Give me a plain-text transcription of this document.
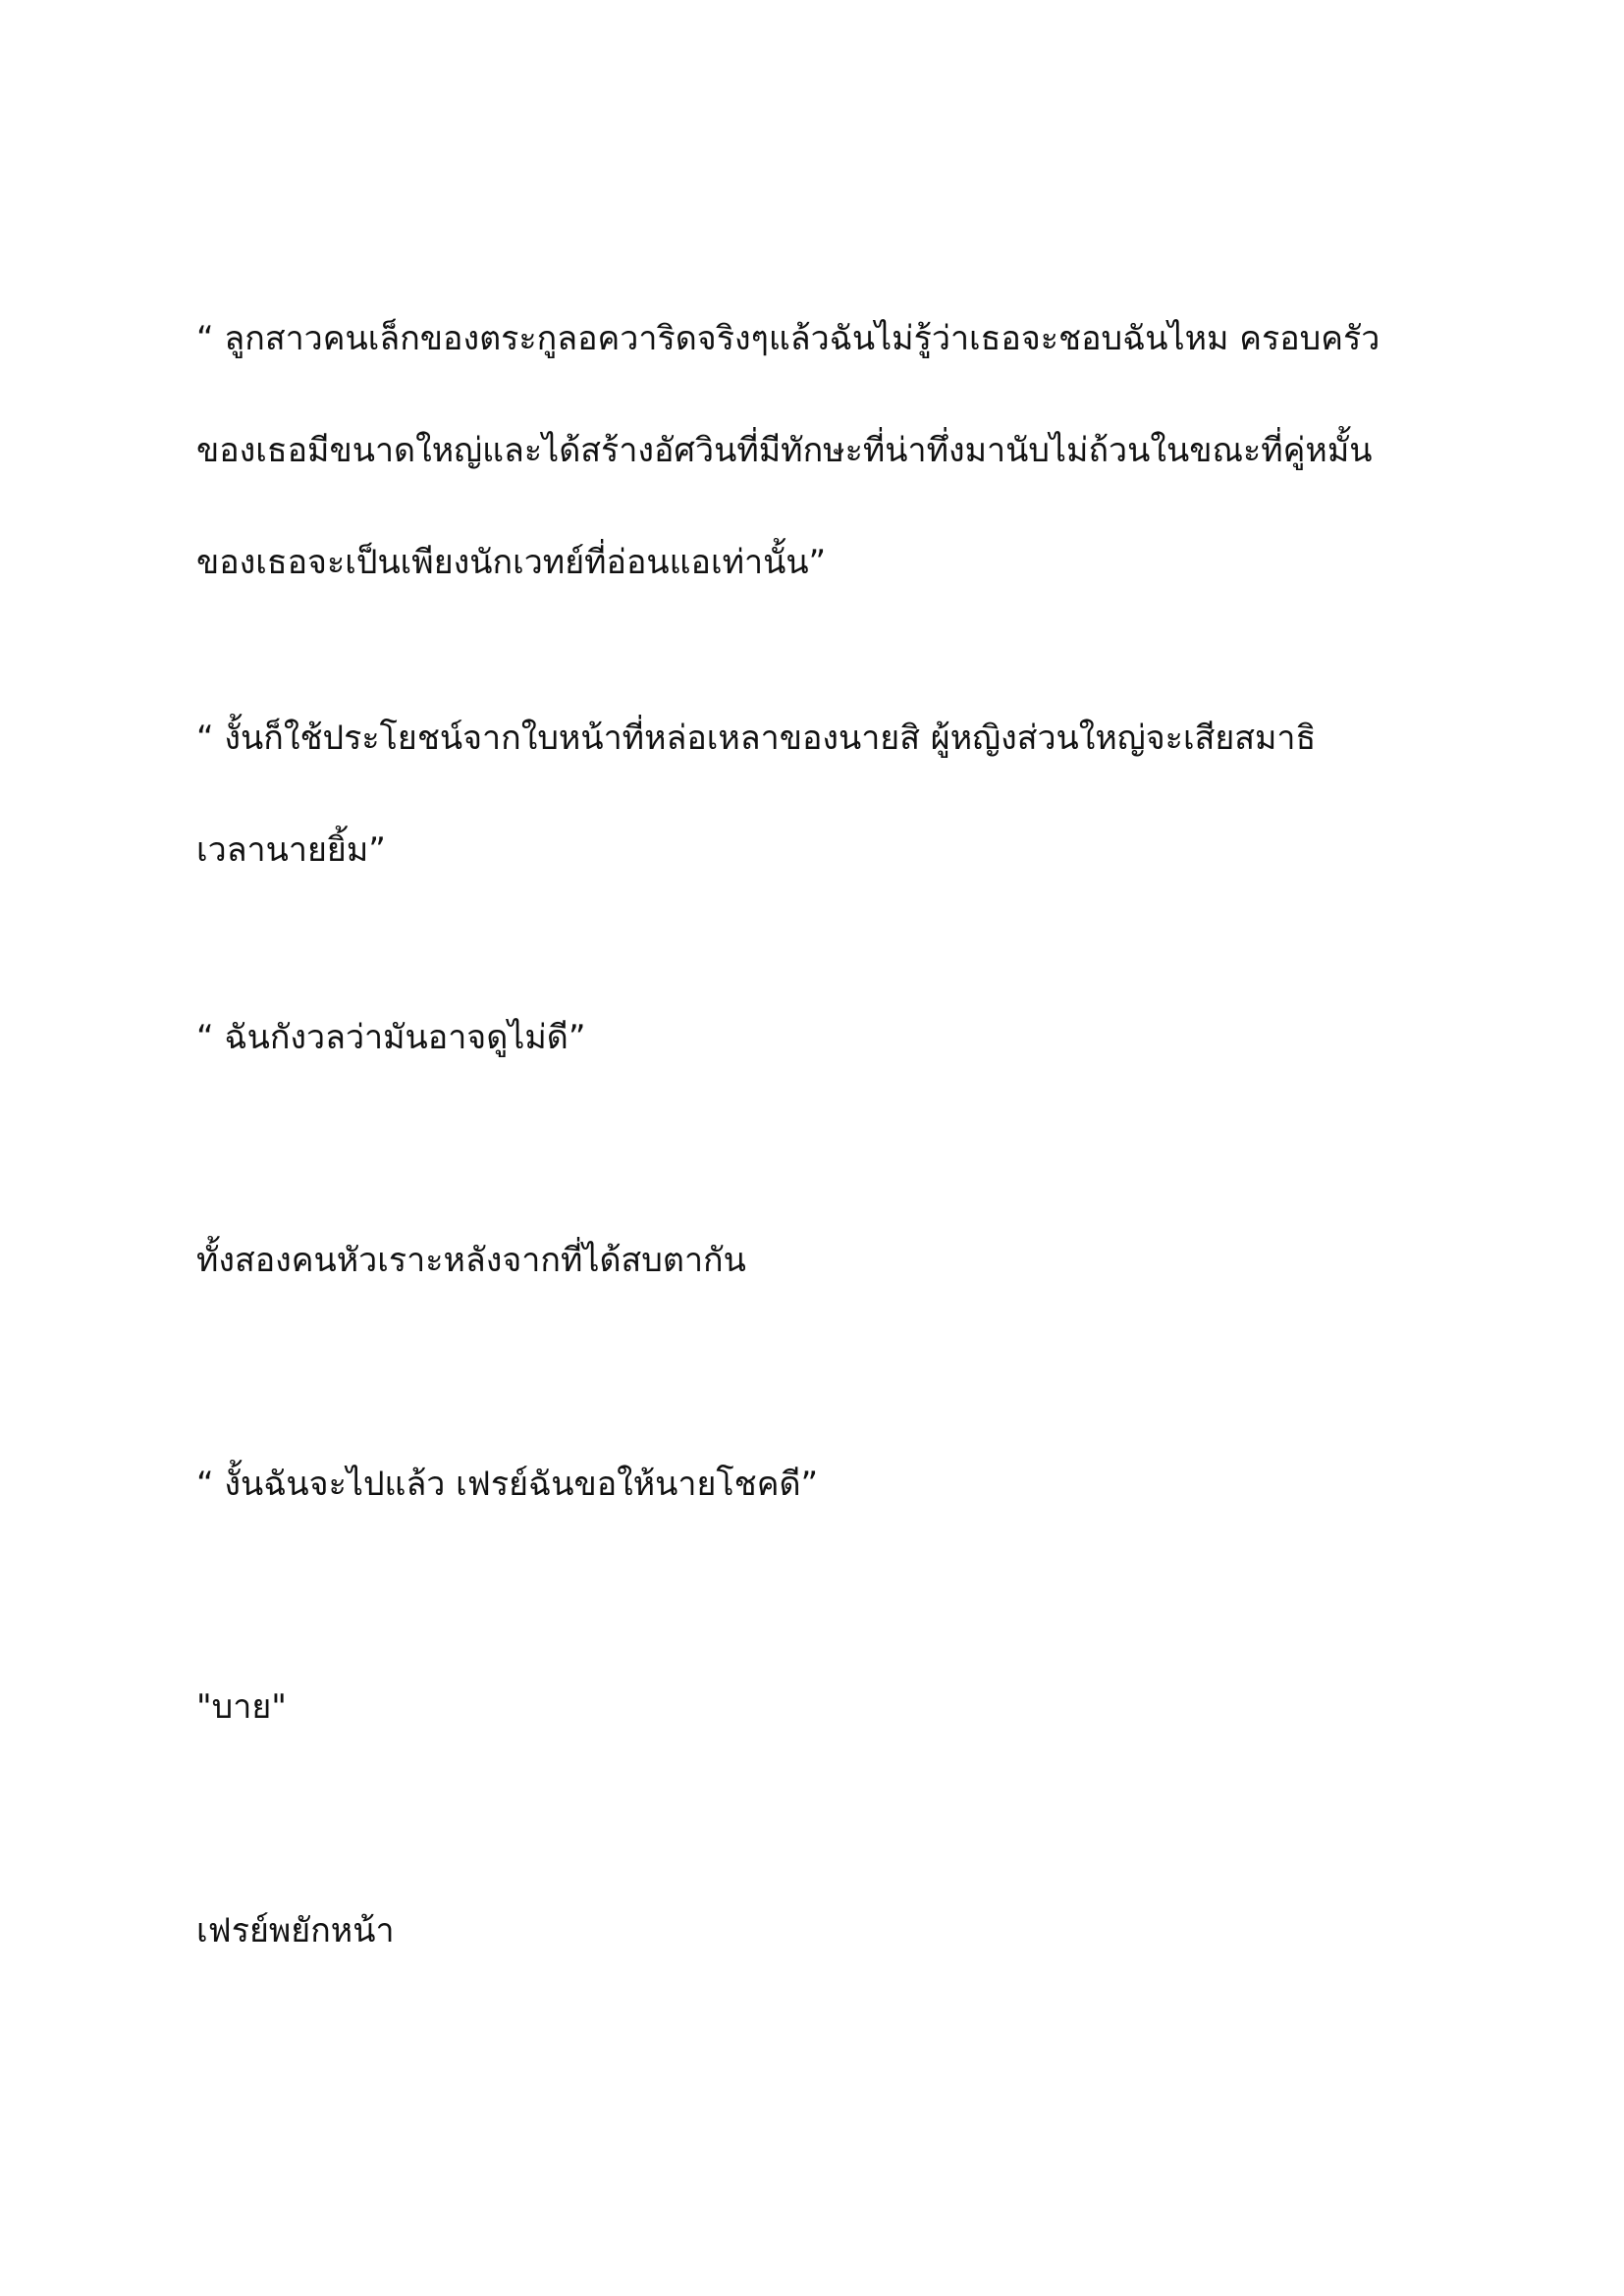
“ ลูกสาวคนเล็กของตระกูลอควาริดจริงๆแล้วฉันไม่รู้ว่าเธอจะชอบฉันไหม ครอบครัว
ของเธอมีขนาดใหญ่และได้สร้างอัศวินที่มีทักษะที่น่าทึ่งมานับไม่ถ้วนในขณะที่คู่หมั้น
ของเธอจะเป็นเพียงนักเวทย์ที่อ่อนแอเท่านั้น”

“ งั้นก็ใช้ประโยชน์จากใบหน้าที่หล่อเหลาของนายสิ ผู้หญิงส่วนใหญ่จะเสียสมาธิ
เวลานายยิ้ม”

“ ฉันกังวลว่ามันอาจดูไม่ดี”

ทั้งสองคนหัวเราะหลังจากที่ได้สบตากัน

“ งั้นฉันจะไปแล้ว เฟรย์ฉันขอให้นายโชคดี”

"บาย"

เฟรย์พยักหน้า
